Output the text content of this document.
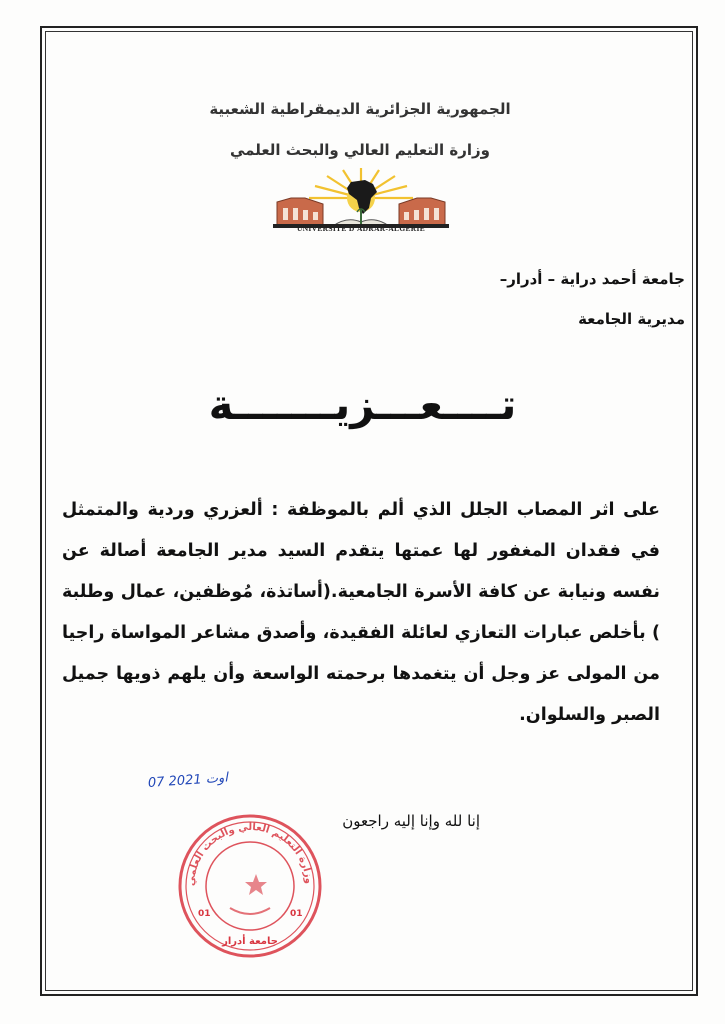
الجمهورية الجزائرية الديمقراطية الشعبية
وزارة التعليم العالي والبحث العلمي
UNIVERSITÉ D'ADRAR-ALGÉRIE
جامعة أحمد دراية – أدرار–
مديرية الجامعة
تــــعـــزيـــــــة
على اثر المصاب الجلل الذي ألم بالموظفة : ألعزري وردية والمتمثل في فقدان المغفور لها عمتها يتقدم السيد مدير الجامعة أصالة عن نفسه ونيابة عن كافة الأسرة الجامعية.(أساتذة، مُوظفين، عمال وطلبة ) بأخلص عبارات التعازي لعائلة الفقيدة، وأصدق مشاعر المواساة راجيا من المولى عز وجل أن يتغمدها برحمته الواسعة وأن يلهم ذويها جميل الصبر والسلوان.
07 اوت 2021
وزارة التعليم العالي والبحث العلمي
01	01
جامعة أدرار
إنا لله وإنا إليه راجعون
